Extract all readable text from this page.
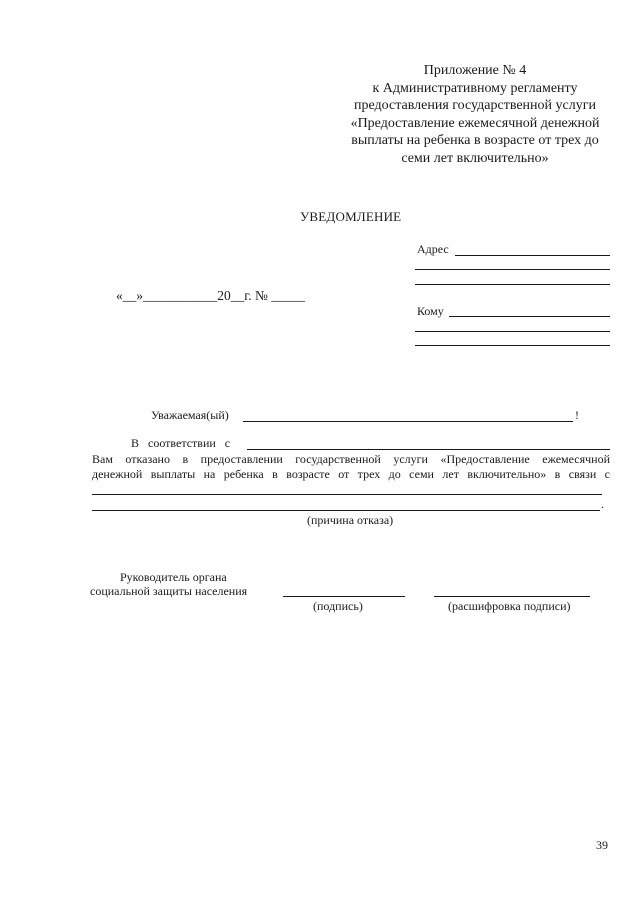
Приложение № 4
к Административному регламенту
предоставления государственной услуги
«Предоставление ежемесячной денежной
выплаты на ребенка в возрасте от трех до
семи лет включительно»
УВЕДОМЛЕНИЕ
Адрес
Кому
«__»___________20__г. № _____
Уважаемая(ый)	!
В   соответствии   с
Вам отказано в предоставлении государственной услуги «Предоставление ежемесячной
денежной выплаты на ребенка в возрасте от трех до семи лет включительно» в связи с
.
(причина отказа)
Руководитель органа
социальной защиты населения
(подпись)	(расшифровка подписи)
39
